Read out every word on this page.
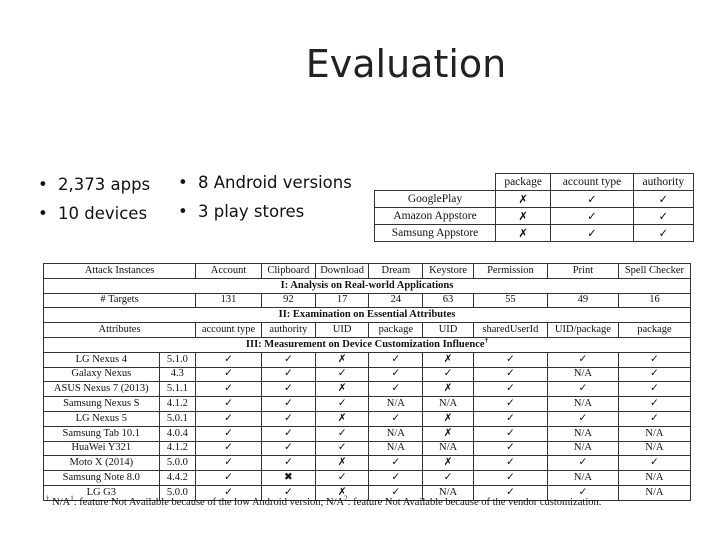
Evaluation
• 2,373 apps
• 10 devices
• 8 Android versions
• 3 play stores
	package	account type	authority
GooglePlay	✗	✓	✓
Amazon Appstore	✗	✓	✓
Samsung Appstore	✗	✓	✓
Attack Instances		Account	Clipboard	Download	Dream	Keystore	Permission	Print	Spell Checker
I: Analysis on Real-world Applications									
# Targets		131	92	17	24	63	55	49	16
II: Examination on Essential Attributes									
Attributes		account type	authority	UID	package	UID	sharedUserId	UID/package	package
III: Measurement on Device Customization Influence†
LG Nexus 4	5.1.0	✓	✓	✗	✓	✗	✓	✓	✓
Galaxy Nexus	4.3	✓	✓	✓	✓	✓	✓	N/A	✓
ASUS Nexus 7 (2013)	5.1.1	✓	✓	✗	✓	✗	✓	✓	✓
Samsung Nexus S	4.1.2	✓	✓	✓	N/A	N/A	✓	N/A	✓
LG Nexus 5	5.0.1	✓	✓	✗	✓	✗	✓	✓	✓
Samsung Tab 10.1	4.0.4	✓	✓	✓	N/A	✗	✓	N/A	N/A
HuaWei Y321	4.1.2	✓	✓	✓	N/A	N/A	✓	N/A	N/A
Moto X (2014)	5.0.0	✓	✓	✗	✓	✗	✓	✓	✓
Samsung Note 8.0	4.4.2	✓	✖	✓	✓	✓	✓	N/A	N/A
LG G3	5.0.0	✓	✓	✗	✓	N/A	✓	✓	N/A
† $N/A^1$: feature Not Available because of the low Android version; $N/A^2$: feature Not Available because of the vendor customization.
